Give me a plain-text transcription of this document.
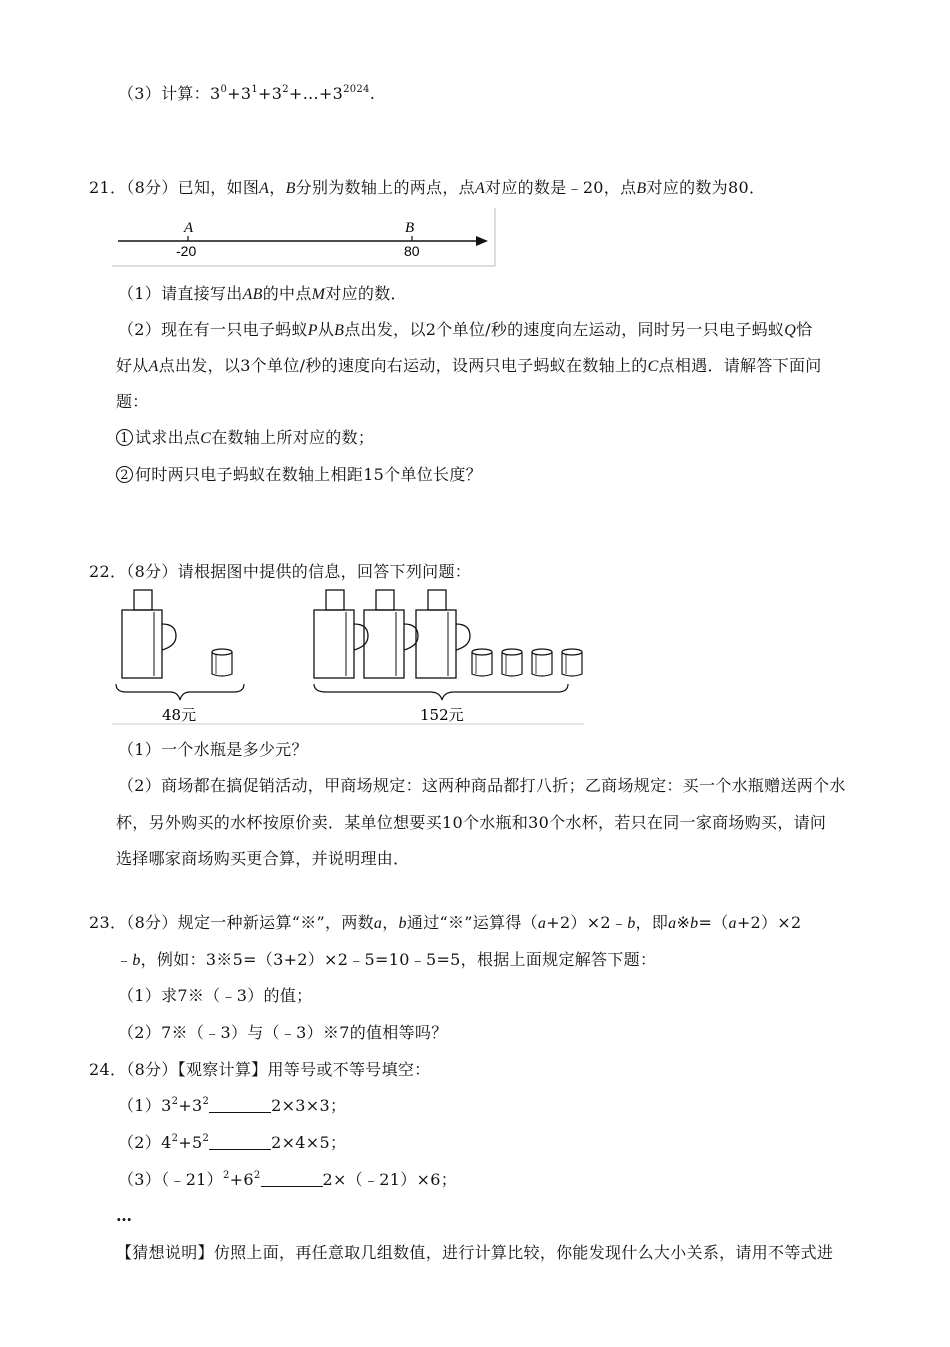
（3）计算：$3^0+3^1+3^2+\dots+3^{2024}$.
21．（8分）已知，如图A，B分别为数轴上的两点，点A对应的数是﹣20，点B对应的数为80．
A
-20
B
80
（1）请直接写出AB的中点M对应的数．
（2）现在有一只电子蚂蚁P从B点出发，以2个单位/秒的速度向左运动，同时另一只电子蚂蚁Q恰
好从A点出发，以3个单位/秒的速度向右运动，设两只电子蚂蚁在数轴上的C点相遇．请解答下面问
题：
1 试求出点C在数轴上所对应的数；
2 何时两只电子蚂蚁在数轴上相距15个单位长度？
22．（8分）请根据图中提供的信息，回答下列问题：
48元	152元
（1）一个水瓶是多少元？
（2）商场都在搞促销活动，甲商场规定：这两种商品都打八折；乙商场规定：买一个水瓶赠送两个水
杯，另外购买的水杯按原价卖．某单位想要买10个水瓶和30个水杯，若只在同一家商场购买，请问
选择哪家商场购买更合算，并说明理由．
23．（8分）规定一种新运算“※”，两数a，b通过“※”运算得（a+2）×2﹣b，即a※b=（a+2）×2
﹣b，例如：3※5=（3+2）×2﹣5=10﹣5=5，根据上面规定解答下题：
（1）求7※（﹣3）的值；
（2）7※（﹣3）与（﹣3）※7的值相等吗？
24．（8分）【观察计算】用等号或不等号填空：
$(1)3^2+3^2$	2×3×3；
$(2)4^2+5^2$	2×4×5；
$(3)(﹣21)^2+6^2$	2×（﹣21）×6；
…
【猜想说明】仿照上面，再任意取几组数值，进行计算比较，你能发现什么大小关系，请用不等式进
